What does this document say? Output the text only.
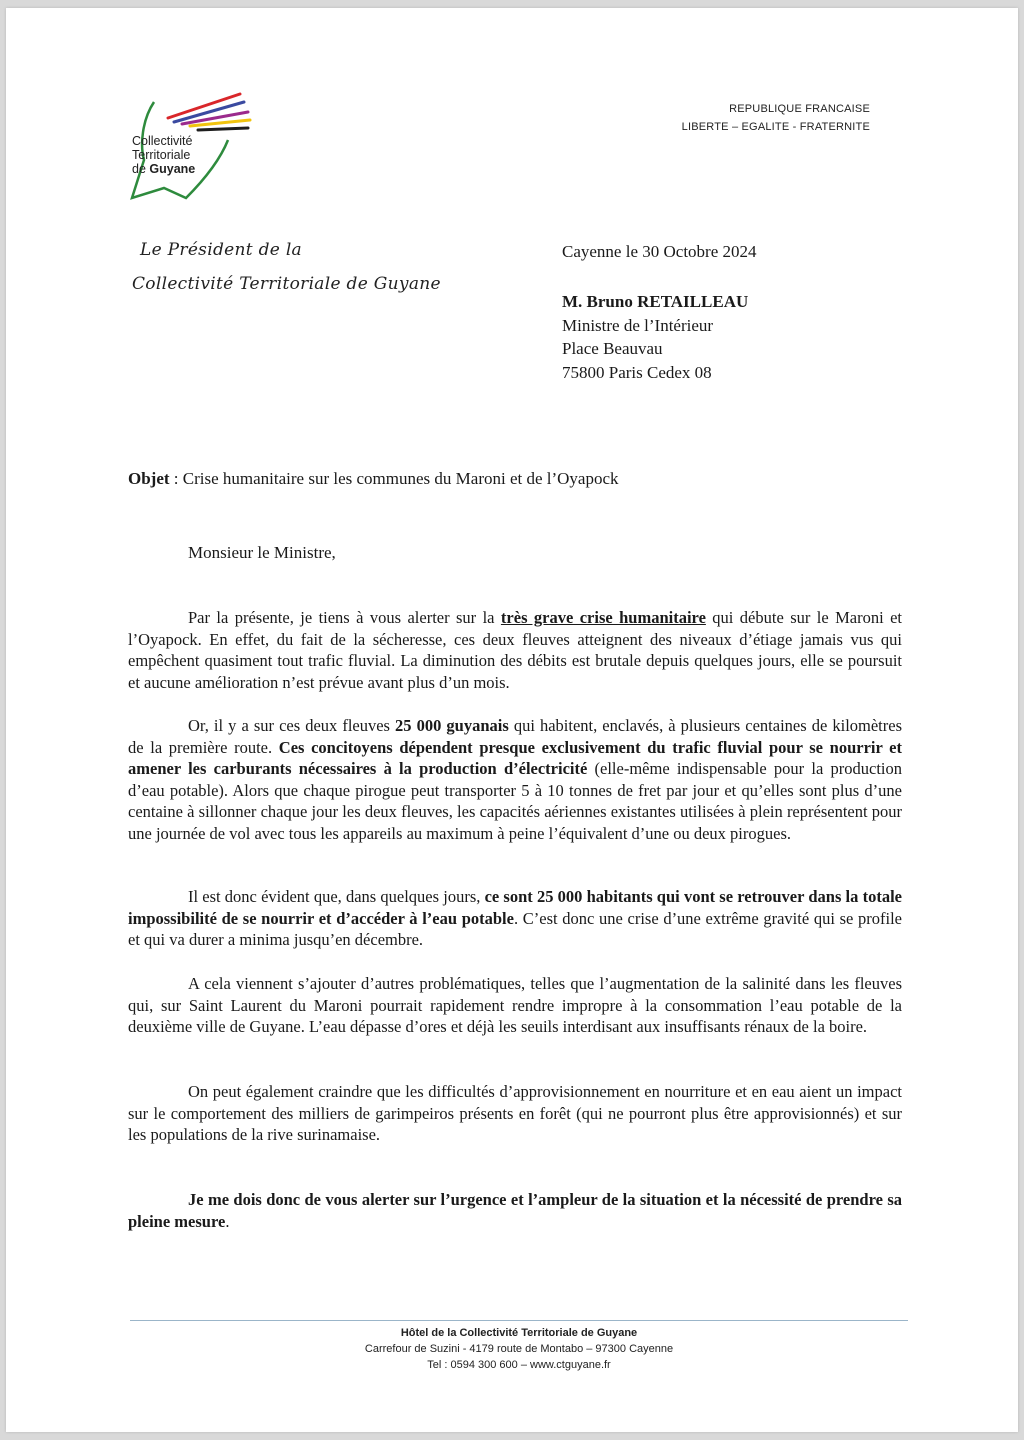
Collectivité
Territoriale
de Guyane
REPUBLIQUE FRANCAISE
LIBERTE – EGALITE - FRATERNITE
Le Président de la
Collectivité Territoriale de Guyane
Cayenne le 30 Octobre 2024
M. Bruno RETAILLEAU
Ministre de l’Intérieur
Place Beauvau
75800 Paris Cedex 08
Objet : Crise humanitaire sur les communes du Maroni et de l’Oyapock
Monsieur le Ministre,

Par la présente, je tiens à vous alerter sur la très grave crise humanitaire qui débute sur le Maroni et l’Oyapock. En effet, du fait de la sécheresse, ces deux fleuves atteignent des niveaux d’étiage jamais vus qui empêchent quasiment tout trafic fluvial. La diminution des débits est brutale depuis quelques jours, elle se poursuit et aucune amélioration n’est prévue avant plus d’un mois.

Or, il y a sur ces deux fleuves 25 000 guyanais qui habitent, enclavés, à plusieurs centaines de kilomètres de la première route. Ces concitoyens dépendent presque exclusivement du trafic fluvial pour se nourrir et amener les carburants nécessaires à la production d’électricité (elle-même indispensable pour la production d’eau potable). Alors que chaque pirogue peut transporter 5 à 10 tonnes de fret par jour et qu’elles sont plus d’une centaine à sillonner chaque jour les deux fleuves, les capacités aériennes existantes utilisées à plein représentent pour une journée de vol avec tous les appareils au maximum à peine l’équivalent d’une ou deux pirogues.

Il est donc évident que, dans quelques jours, ce sont 25 000 habitants qui vont se retrouver dans la totale impossibilité de se nourrir et d’accéder à l’eau potable. C’est donc une crise d’une extrême gravité qui se profile et qui va durer a minima jusqu’en décembre.

A cela viennent s’ajouter d’autres problématiques, telles que l’augmentation de la salinité dans les fleuves qui, sur Saint Laurent du Maroni pourrait rapidement rendre impropre à la consommation l’eau potable de la deuxième ville de Guyane. L’eau dépasse d’ores et déjà les seuils interdisant aux insuffisants rénaux de la boire.

On peut également craindre que les difficultés d’approvisionnement en nourriture et en eau aient un impact sur le comportement des milliers de garimpeiros présents en forêt (qui ne pourront plus être approvisionnés) et sur les populations de la rive surinamaise.

Je me dois donc de vous alerter sur l’urgence et l’ampleur de la situation et la nécessité de prendre sa pleine mesure.

Hôtel de la Collectivité Territoriale de Guyane
Carrefour de Suzini - 4179 route de Montabo – 97300 Cayenne
Tel : 0594 300 600 – www.ctguyane.fr
